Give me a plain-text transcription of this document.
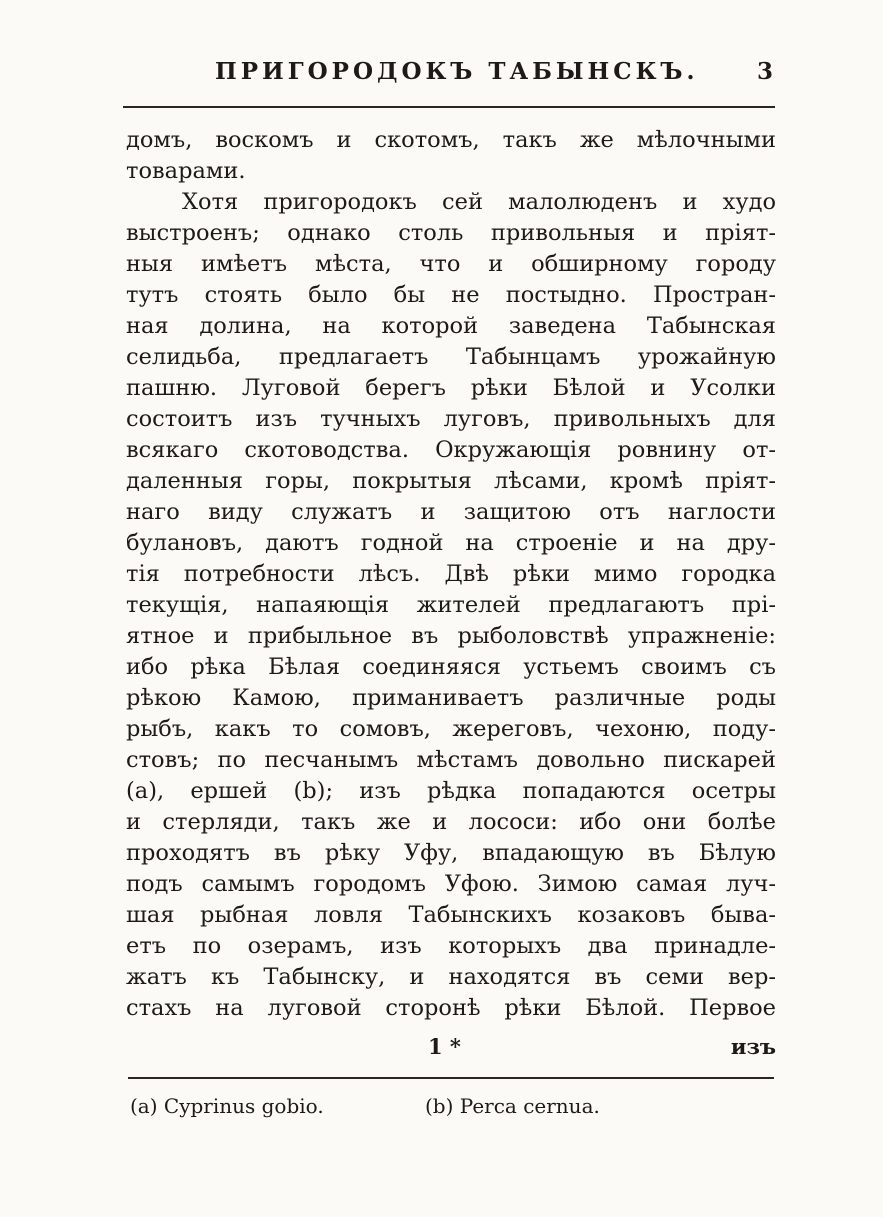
ПРИГОРОДОКЪ ТАБЫНСКЪ.	3
домъ, воскомъ и скотомъ, такъ же мѣлочными
товарами.
Хотя пригородокъ сей малолюденъ и худо
выстроенъ; однако столь привольныя и прiят-
ныя имѣетъ мѣста, что и обширному городу
тутъ стоять было бы не постыдно. Простран-
ная долина, на которой заведена Табынская
селидьба, предлагаетъ Табынцамъ урожайную
пашню. Луговой берегъ рѣки Бѣлой и Усолки
состоитъ изъ тучныхъ луговъ, привольныхъ для
всякаго скотоводства. Окружающiя ровнину от-
даленныя горы, покрытыя лѣсами, кромѣ прiят-
наго виду служатъ и защитою отъ наглости
булановъ, даютъ годной на строенiе и на дру-
тiя потребности лѣсъ. Двѣ рѣки мимо городка
текущiя, напаяющiя жителей предлагаютъ прi-
ятное и прибыльное въ рыболовствѣ упражненiе:
ибо рѣка Бѣлая соединяяся устьемъ своимъ съ
рѣкою Камою, приманиваетъ различные роды
рыбъ, какъ то сомовъ, жереговъ, чехоню, поду-
стовъ; по песчанымъ мѣстамъ довольно пискарей
(a), ершей (b); изъ рѣдка попадаются осетры
и стерляди, такъ же и лососи: ибо они болѣе
проходятъ въ рѣку Уфу, впадающую въ Бѣлую
подъ самымъ городомъ Уфою. Зимою самая луч-
шая рыбная ловля Табынскихъ козаковъ быва-
етъ по озерамъ, изъ которыхъ два принадле-
жатъ къ Табынску, и находятся въ семи вер-
стахъ на луговой сторонѣ рѣки Бѣлой. Первое
1 *	изъ
(a) Cyprinus gobio.	(b) Perca cernua.
